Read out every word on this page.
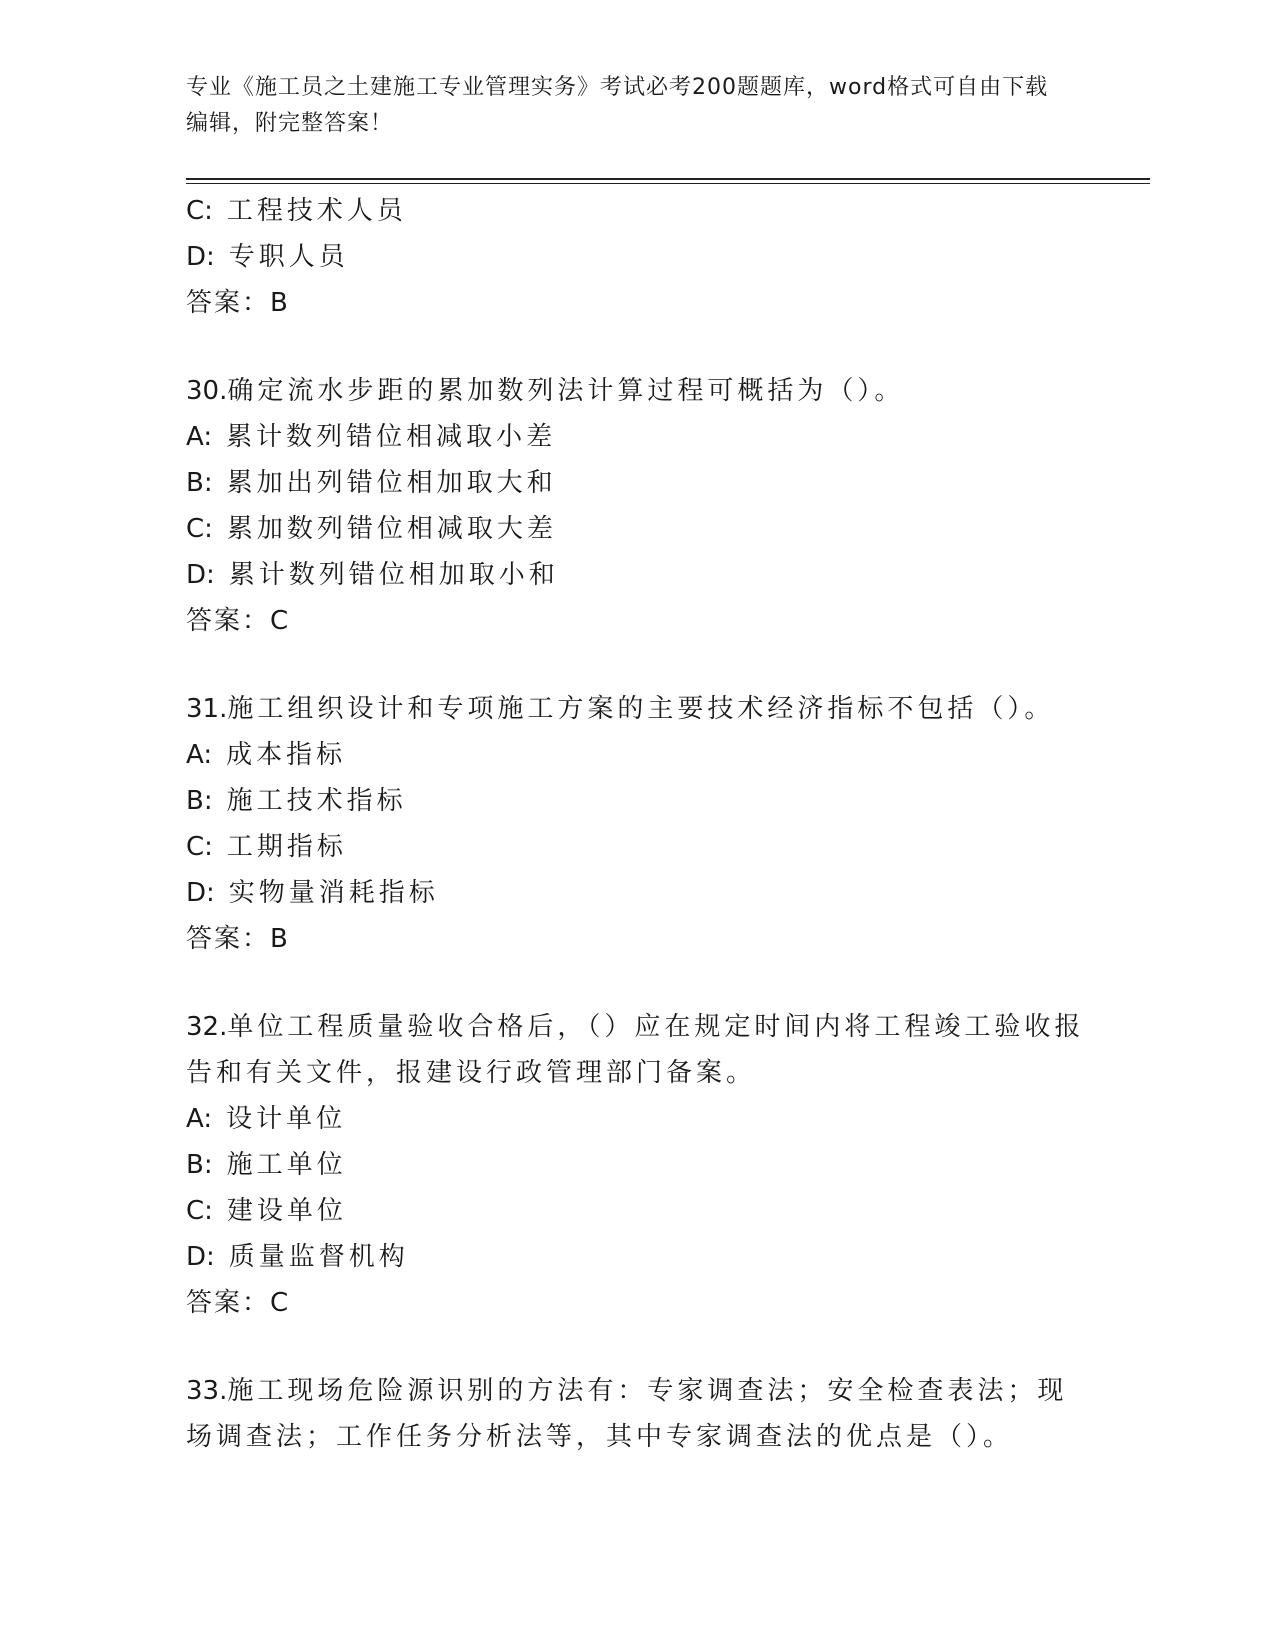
专业《施工员之土建施工专业管理实务》考试必考200题题库，word格式可自由下载编辑，附完整答案！
C: 工程技术人员
D: 专职人员
答案：B
30.确定流水步距的累加数列法计算过程可概括为（）。
A: 累计数列错位相减取小差
B: 累加出列错位相加取大和
C: 累加数列错位相减取大差
D: 累计数列错位相加取小和
答案：C
31.施工组织设计和专项施工方案的主要技术经济指标不包括（）。
A: 成本指标
B: 施工技术指标
C: 工期指标
D: 实物量消耗指标
答案：B
32.单位工程质量验收合格后，（）应在规定时间内将工程竣工验收报告和有关文件，报建设行政管理部门备案。
A: 设计单位
B: 施工单位
C: 建设单位
D: 质量监督机构
答案：C
33.施工现场危险源识别的方法有：专家调查法；安全检查表法；现场调查法；工作任务分析法等，其中专家调查法的优点是（）。
